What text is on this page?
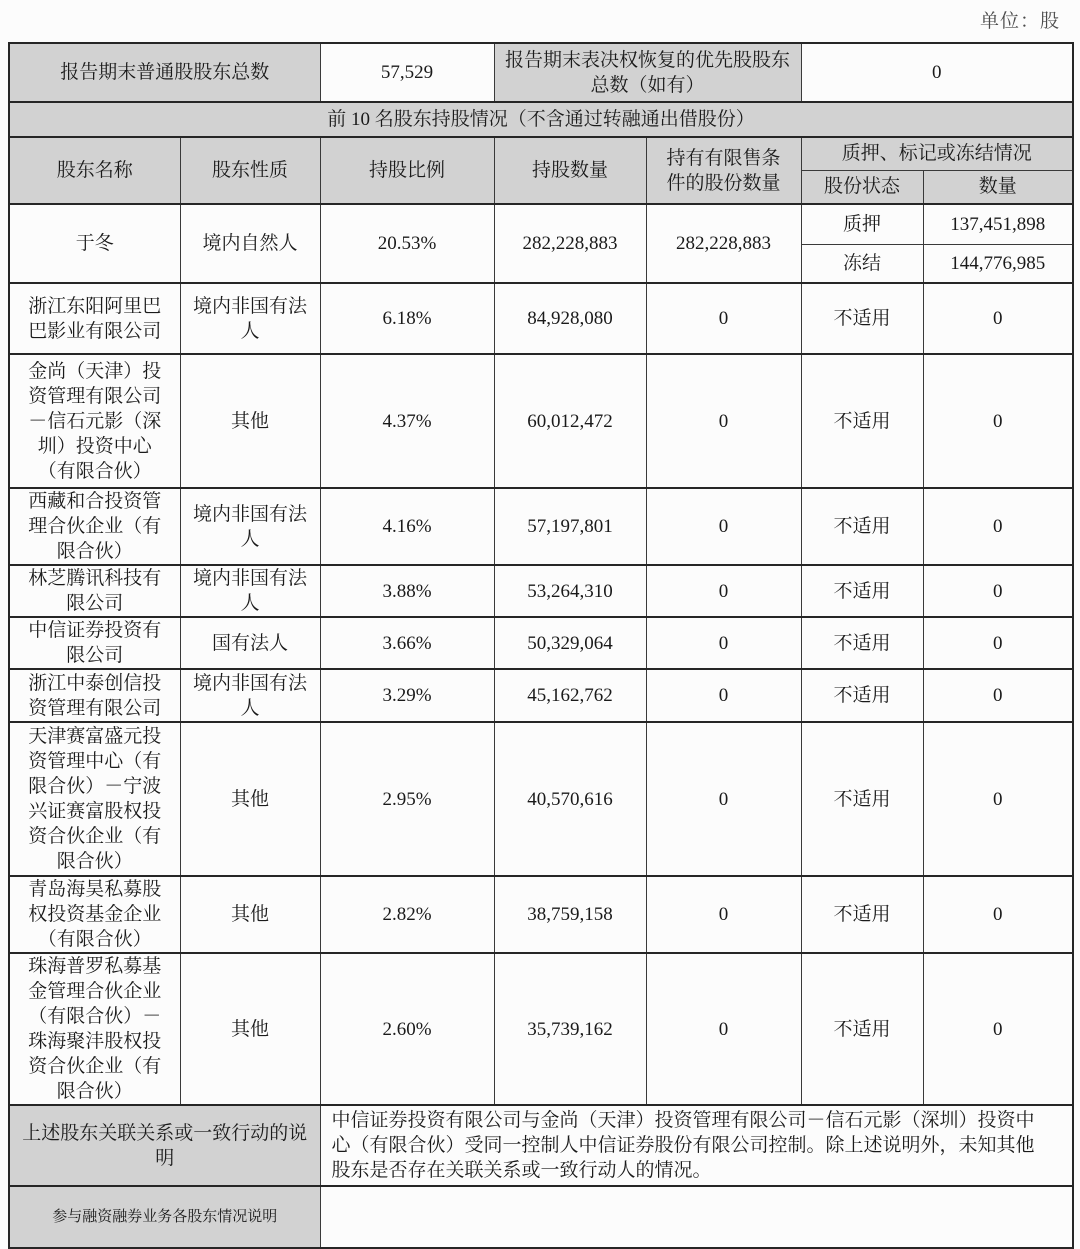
单位：股
报告期末普通股股东总数		57,529	报告期末表决权恢复的优先股股东总数（如有）		0	
前 10 名股东持股情况（不含通过转融通出借股份）						
股东名称	股东性质	持股比例	持股数量	持有有限售条件的股份数量	质押、标记或冻结情况	
					股份状态	数量
于冬	境内自然人	20.53%	282,228,883	282,228,883	质押	137,451,898
					冻结	144,776,985
浙江东阳阿里巴巴影业有限公司	境内非国有法人	6.18%	84,928,080	0	不适用	0
金尚（天津）投资管理有限公司－信石元影（深圳）投资中心（有限合伙）	其他	4.37%	60,012,472	0	不适用	0
西藏和合投资管理合伙企业（有限合伙）	境内非国有法人	4.16%	57,197,801	0	不适用	0
林芝腾讯科技有限公司	境内非国有法人	3.88%	53,264,310	0	不适用	0
中信证券投资有限公司	国有法人	3.66%	50,329,064	0	不适用	0
浙江中泰创信投资管理有限公司	境内非国有法人	3.29%	45,162,762	0	不适用	0
天津赛富盛元投资管理中心（有限合伙）－宁波兴证赛富股权投资合伙企业（有限合伙）	其他	2.95%	40,570,616	0	不适用	0
青岛海昊私募股权投资基金企业（有限合伙）	其他	2.82%	38,759,158	0	不适用	0
珠海普罗私募基金管理合伙企业（有限合伙）－珠海聚沣股权投资合伙企业（有限合伙）	其他	2.60%	35,739,162	0	不适用	0
上述股东关联关系或一致行动的说明		中信证券投资有限公司与金尚（天津）投资管理有限公司－信石元影（深圳）投资中心（有限合伙）受同一控制人中信证券股份有限公司控制。除上述说明外，未知其他股东是否存在关联关系或一致行动人的情况。				
参与融资融券业务各股东情况说明						
